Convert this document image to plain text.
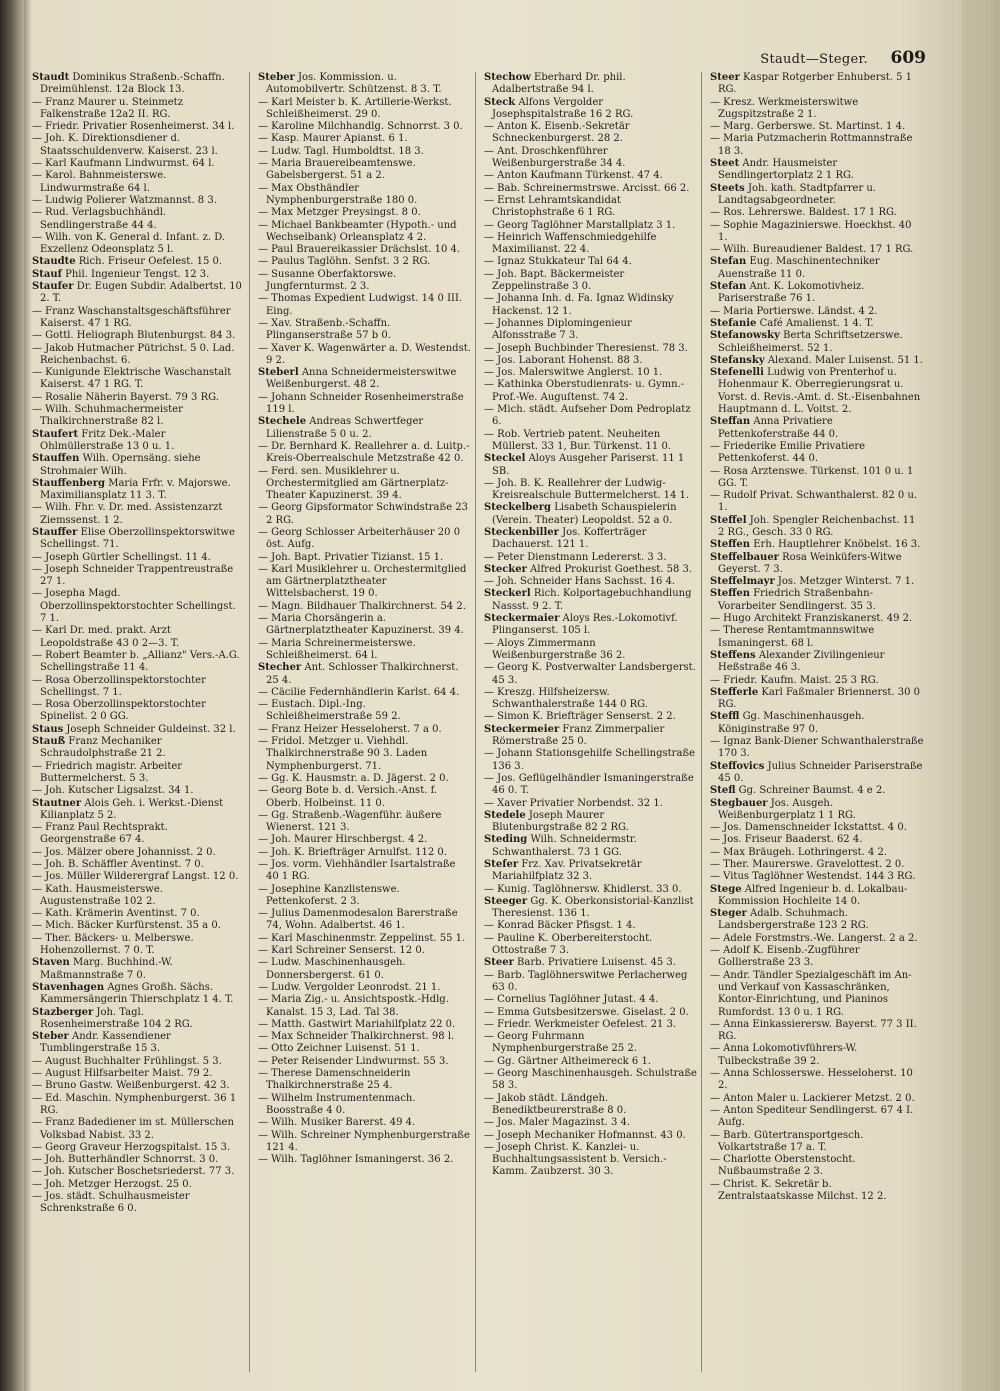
Staudt—Steger. 609

Staudt Dominikus Straßenb.-Schaffn. Dreimühlenst. 12a Block 13.

— Franz Maurer u. Steinmetz Falkenstraße 12a2 II. RG.

— Friedr. Privatier Rosenheimerst. 34 l.

— Joh. K. Direktionsdiener d. Staatsschuldenverw. Kaiserst. 23 l.

— Karl Kaufmann Lindwurmst. 64 l.

— Karol. Bahnmeisterswe. Lindwurmstraße 64 l.

— Ludwig Polierer Watzmannst. 8 3.

— Rud. Verlagsbuchhändl. Sendlingerstraße 44 4.

— Wilh. von K. General d. Infant. z. D. Exzellenz Odeonsplatz 5 l.

Staudte Rich. Friseur Oefelest. 15 0.

Stauf Phil. Ingenieur Tengst. 12 3.

Staufer Dr. Eugen Subdir. Adalbertst. 10 2. T.

— Franz Waschanstaltsgeschäftsführer Kaiserst. 47 1 RG.

— Gottl. Heliograph Blutenburgst. 84 3.

— Jakob Hutmacher Pütrichst. 5 0. Lad. Reichenbachst. 6.

— Kunigunde Elektrische Waschanstalt Kaiserst. 47 1 RG. T.

— Rosalie Näherin Bayerst. 79 3 RG.

— Wilh. Schuhmachermeister Thalkirchnerstraße 82 l.

Staufert Fritz Dek.-Maler Ohlmüllerstraße 13 0 u. 1.

Stauffen Wilh. Opernsäng. siehe Strohmaier Wilh.

Stauffenberg Maria Frfr. v. Majorswe. Maximiliansplatz 11 3. T.

— Wilh. Fhr. v. Dr. med. Assistenzarzt Ziemssenst. 1 2.

Stauffer Elise Oberzollinspektorswitwe Schellingst. 71.

— Joseph Gürtler Schellingst. 11 4.

— Joseph Schneider Trappentreustraße 27 1.

— Josepha Magd. Oberzollinspektorstochter Schellingst. 7 1.

— Karl Dr. med. prakt. Arzt Leopoldstraße 43 0 2—3. T.

— Robert Beamter b. „Allianz" Vers.-A.G. Schellingstraße 11 4.

— Rosa Oberzollinspektorstochter Schellingst. 7 1.

— Rosa Oberzollinspektorstochter Spinelist. 2 0 GG.

Staus Joseph Schneider Guldeinst. 32 l.

Stauß Franz Mechaniker Schraudolphstraße 21 2.

— Friedrich magistr. Arbeiter Buttermelcherst. 5 3.

— Joh. Kutscher Ligsalzst. 34 1.

Stautner Alois Geh. i. Werkst.-Dienst Kilianplatz 5 2.

— Franz Paul Rechtsprakt. Georgenstraße 67 4.

— Jos. Mälzer obere Johannisst. 2 0.

— Joh. B. Schäffler Aventinst. 7 0.

— Jos. Müller Wilderergraf Langst. 12 0.

— Kath. Hausmeisterswe. Augustenstraße 102 2.

— Kath. Krämerin Aventinst. 7 0.

— Mich. Bäcker Kurfürstenst. 35 a 0.

— Ther. Bäckers- u. Melberswe. Hohenzollernst. 7 0. T.

Staven Marg. Buchhind.-W. Maßmannstraße 7 0.

Stavenhagen Agnes Großh. Sächs. Kammersängerin Thierschplatz 1 4. T.

Stazberger Joh. Tagl. Rosenheimerstraße 104 2 RG.

Steber Andr. Kassendiener Tumblingerstraße 15 3.

— August Buchhalter Frühlingst. 5 3.

— August Hilfsarbeiter Maist. 79 2.

— Bruno Gastw. Weißenburgerst. 42 3.

— Ed. Maschin. Nymphenburgerst. 36 1 RG.

— Franz Badediener im st. Müllerschen Volksbad Nabist. 33 2.

— Georg Graveur Herzogspitalst. 15 3.

— Joh. Butterhändler Schnorrst. 3 0.

— Joh. Kutscher Boschetsriederst. 77 3.

— Joh. Metzger Herzogst. 25 0.

— Jos. städt. Schulhausmeister Schrenkstraße 6 0.

Steber Jos. Kommission. u. Automobilvertr. Schützenst. 8 3. T.

— Karl Meister b. K. Artillerie-Werkst. Schleißheimerst. 29 0.

— Karoline Milchhandlg. Schnorrst. 3 0.

— Kasp. Maurer Apianst. 6 1.

— Ludw. Tagl. Humboldtst. 18 3.

— Maria Brauereibeamtenswe. Gabelsbergerst. 51 a 2.

— Max Obsthändler Nymphenburgerstraße 180 0.

— Max Metzger Preysingst. 8 0.

— Michael Bankbeamter (Hypoth.- und Wechselbank) Orleansplatz 4 2.

— Paul Brauereikassier Drächslst. 10 4.

— Paulus Taglöhn. Senfst. 3 2 RG.

— Susanne Oberfaktorswe. Jungfernturmst. 2 3.

— Thomas Expedient Ludwigst. 14 0 III. Eing.

— Xav. Straßenb.-Schaffn. Plinganserstraße 57 b 0.

— Xaver K. Wagenwärter a. D. Westendst. 9 2.

Steberl Anna Schneidermeisterswitwe Weißenburgerst. 48 2.

— Johann Schneider Rosenheimerstraße 119 l.

Stechele Andreas Schwertfeger Lilienstraße 5 0 u. 2.

— Dr. Bernhard K. Reallehrer a. d. Luitp.-Kreis-Oberrealschule Metzstraße 42 0.

— Ferd. sen. Musiklehrer u. Orchestermitglied am Gärtnerplatz-Theater Kapuzinerst. 39 4.

— Georg Gipsformator Schwindstraße 23 2 RG.

— Georg Schlosser Arbeiterhäuser 20 0 öst. Aufg.

— Joh. Bapt. Privatier Tizianst. 15 1.

— Karl Musiklehrer u. Orchestermitglied am Gärtnerplatztheater Wittelsbacherst. 19 0.

— Magn. Bildhauer Thalkirchnerst. 54 2.

— Maria Chorsängerin a. Gärtnerplatztheater Kapuzinerst. 39 4.

— Maria Schreinermeisterswe. Schleißheimerst. 64 l.

Stecher Ant. Schlosser Thalkirchnerst. 25 4.

— Cäcilie Federnhändlerin Karlst. 64 4.

— Eustach. Dipl.-Ing. Schleißheimerstraße 59 2.

— Franz Heizer Hesseloherst. 7 a 0.

— Fridol. Metzger u. Viehhdl. Thalkirchnerstraße 90 3. Laden Nymphenburgerst. 71.

— Gg. K. Hausmstr. a. D. Jägerst. 2 0.

— Georg Bote b. d. Versich.-Anst. f. Oberb. Holbeinst. 11 0.

— Gg. Straßenb.-Wagenführ. äußere Wienerst. 121 3.

— Joh. Maurer Hirschbergst. 4 2.

— Joh. K. Briefträger Arnulfst. 112 0.

— Jos. vorm. Viehhändler Isartalstraße 40 1 RG.

— Josephine Kanzlistenswe. Pettenkoferst. 2 3.

— Julius Damenmodesalon Barerstraße 74, Wohn. Adalbertst. 46 1.

— Karl Maschinenmstr. Zeppelinst. 55 1.

— Karl Schreiner Senserst. 12 0.

— Ludw. Maschinenhausgeh. Donnersbergerst. 61 0.

— Ludw. Vergolder Leonrodst. 21 1.

— Maria Zig.- u. Ansichtspostk.-Hdlg. Kanalst. 15 3, Lad. Tal 38.

— Matth. Gastwirt Mariahilfplatz 22 0.

— Max Schneider Thalkirchnerst. 98 l.

— Otto Zeichner Luisenst. 51 1.

— Peter Reisender Lindwurmst. 55 3.

— Therese Damenschneiderin Thalkirchnerstraße 25 4.

— Wilhelm Instrumentenmach. Boosstraße 4 0.

— Wilh. Musiker Barerst. 49 4.

— Wilh. Schreiner Nymphenburgerstraße 121 4.

— Wilh. Taglöhner Ismaningerst. 36 2.

Stechow Eberhard Dr. phil. Adalbertstraße 94 l.

Steck Alfons Vergolder Josephspitalstraße 16 2 RG.

— Anton K. Eisenb.-Sekretär Schneckenburgerst. 28 2.

— Ant. Droschkenführer Weißenburgerstraße 34 4.

— Anton Kaufmann Türkenst. 47 4.

— Bab. Schreinermstrswe. Arcisst. 66 2.

— Ernst Lehramtskandidat Christophstraße 6 1 RG.

— Georg Taglöhner Marstallplatz 3 1.

— Heinrich Waffenschmiedgehilfe Maximilianst. 22 4.

— Ignaz Stukkateur Tal 64 4.

— Joh. Bapt. Bäckermeister Zeppelinstraße 3 0.

— Johanna Inh. d. Fa. Ignaz Widinsky Hackenst. 12 1.

— Johannes Diplomingenieur Alfonsstraße 7 3.

— Joseph Buchbinder Theresienst. 78 3.

— Jos. Laborant Hohenst. 88 3.

— Jos. Malerswitwe Anglerst. 10 1.

— Kathinka Oberstudienrats- u. Gymn.-Prof.-We. Auguſtenst. 74 2.

— Mich. städt. Aufseher Dom Pedroplatz 6.

— Rob. Vertrieb patent. Neuheiten Müllerst. 33 1, Bur. Türkenst. 11 0.

Steckel Aloys Ausgeher Pariserst. 11 1 SB.

— Joh. B. K. Reallehrer der Ludwig-Kreisrealschule Buttermelcherst. 14 1.

Steckelberg Lisabeth Schauspielerin (Verein. Theater) Leopoldst. 52 a 0.

Steckenbiller Jos. Kofferträger Dachauerst. 121 1.

— Peter Dienstmann Ledererst. 3 3.

Stecker Alfred Prokurist Goethest. 58 3.

— Joh. Schneider Hans Sachsst. 16 4.

Steckerl Rich. Kolportagebuchhandlung Nassst. 9 2. T.

Steckermaier Aloys Res.-Lokomotivf. Plinganserst. 105 l.

— Aloys Zimmermann Weißenburgerstraße 36 2.

— Georg K. Postverwalter Landsbergerst. 45 3.

— Kreszg. Hilfsheizersw. Schwanthalerstraße 144 0 RG.

— Simon K. Briefträger Senserst. 2 2.

Steckermeier Franz Zimmerpalier Römerstraße 25 0.

— Johann Stationsgehilfe Schellingstraße 136 3.

— Jos. Geflügelhändler Ismaningerstraße 46 0. T.

— Xaver Privatier Norbendst. 32 1.

Stedele Joseph Maurer Blutenburgstraße 82 2 RG.

Steding Wilh. Schneidermstr. Schwanthalerst. 73 1 GG.

Stefer Frz. Xav. Privatsekretär Mariahilfplatz 32 3.

— Kunig. Taglöhnersw. Khidlerst. 33 0.

Steeger Gg. K. Oberkonsistorial-Kanzlist Theresienst. 136 1.

— Konrad Bäcker Pfisgst. 1 4.

— Pauline K. Oberbereiterstocht. Ottostraße 7 3.

Steer Barb. Privatiere Luisenst. 45 3.

— Barb. Taglöhnerswitwe Perlacherweg 63 0.

— Cornelius Taglöhner Jutast. 4 4.

— Emma Gutsbesitzerswe. Giselast. 2 0.

— Friedr. Werkmeister Oefelest. 21 3.

— Georg Fuhrmann Nymphenburgerstraße 25 2.

— Gg. Gärtner Altheimereck 6 1.

— Georg Maschinenhausgeh. Schulstraße 58 3.

— Jakob städt. Ländgeh. Benediktbeurerstraße 8 0.

— Jos. Maler Magazinst. 3 4.

— Joseph Mechaniker Hofmannst. 43 0.

— Joseph Christ. K. Kanzlei- u. Buchhaltungsassistent b. Versich.-Kamm. Zaubzerst. 30 3.

Steer Kaspar Rotgerber Enhuberst. 5 1 RG.

— Kresz. Werkmeisterswitwe Zugspitzstraße 2 1.

— Marg. Gerberswe. St. Martinst. 1 4.

— Maria Putzmacherin Rottmannstraße 18 3.

Steet Andr. Hausmeister Sendlingertorplatz 2 1 RG.

Steets Joh. kath. Stadtpfarrer u. Landtagsabgeordneter.

— Ros. Lehrerswe. Baldest. 17 1 RG.

— Sophie Magazinierswe. Hoeckhst. 40 1.

— Wilh. Bureaudiener Baldest. 17 1 RG.

Stefan Eug. Maschinentechniker Auenstraße 11 0.

Stefan Ant. K. Lokomotivheiz. Pariserstraße 76 1.

— Maria Portierswe. Ländst. 4 2.

Stefanie Café Amalienst. 1 4. T.

Stefanowsky Berta Schriftsetzerswe. Schleißheimerst. 52 1.

Stefansky Alexand. Maler Luisenst. 51 1.

Stefenelli Ludwig von Prenterhof u. Hohenmaur K. Oberregierungsrat u. Vorst. d. Revis.-Amt. d. St.-Eisenbahnen Hauptmann d. L. Voitst. 2.

Steffan Anna Privatiere Pettenkoferstraße 44 0.

— Friederike Emilie Privatiere Pettenkoferst. 44 0.

— Rosa Arztenswe. Türkenst. 101 0 u. 1 GG. T.

— Rudolf Privat. Schwanthalerst. 82 0 u. 1.

Steffel Joh. Spengler Reichenbachst. 11 2 RG., Gesch. 33 0 RG.

Steffen Erh. Hauptlehrer Knöbelst. 16 3.

Steffelbauer Rosa Weinküfers-Witwe Geyerst. 7 3.

Steffelmayr Jos. Metzger Winterst. 7 1.

Steffen Friedrich Straßenbahn-Vorarbeiter Sendlingerst. 35 3.

— Hugo Architekt Franziskanerst. 49 2.

— Therese Rentamtmannswitwe Ismaningerst. 68 l.

Steffens Alexander Zivilingenieur Heßstraße 46 3.

— Friedr. Kaufm. Maist. 25 3 RG.

Stefferle Karl Faßmaler Briennerst. 30 0 RG.

Steffl Gg. Maschinenhausgeh. Königinstraße 97 0.

— Ignaz Bank-Diener Schwanthalerstraße 170 3.

Steffovics Julius Schneider Pariserstraße 45 0.

Stefl Gg. Schreiner Baumst. 4 e 2.

Stegbauer Jos. Ausgeh. Weißenburgerplatz 1 1 RG.

— Jos. Damenschneider Ickstattst. 4 0.

— Jos. Friseur Baaderst. 62 4.

— Max Bräugeh. Lothringerst. 4 2.

— Ther. Maurerswe. Gravelottest. 2 0.

— Vitus Taglöhner Westendst. 144 3 RG.

Stege Alfred Ingenieur b. d. Lokalbau-Kommission Hochleite 14 0.

Steger Adalb. Schuhmach. Landsbergerstraße 123 2 RG.

— Adele Forstmstrs.-We. Langerst. 2 a 2.

— Adolf K. Eisenb.-Zugführer Gollierstraße 23 3.

— Andr. Tändler Spezialgeschäft im An- und Verkauf von Kassaschränken, Kontor-Einrichtung, und Pianinos Rumfordst. 13 0 u. 1 RG.

— Anna Einkassierersw. Bayerst. 77 3 II. RG.

— Anna Lokomotivführers-W. Tulbeckstraße 39 2.

— Anna Schlosserswe. Hesseloherst. 10 2.

— Anton Maler u. Lackierer Metzst. 2 0.

— Anton Spediteur Sendlingerst. 67 4 I. Aufg.

— Barb. Gütertransportgesch. Volkartstraße 17 a. T.

— Charlotte Oberstenstocht. Nußbaumstraße 2 3.

— Christ. K. Sekretär b. Zentralstaatskasse Milchst. 12 2.
